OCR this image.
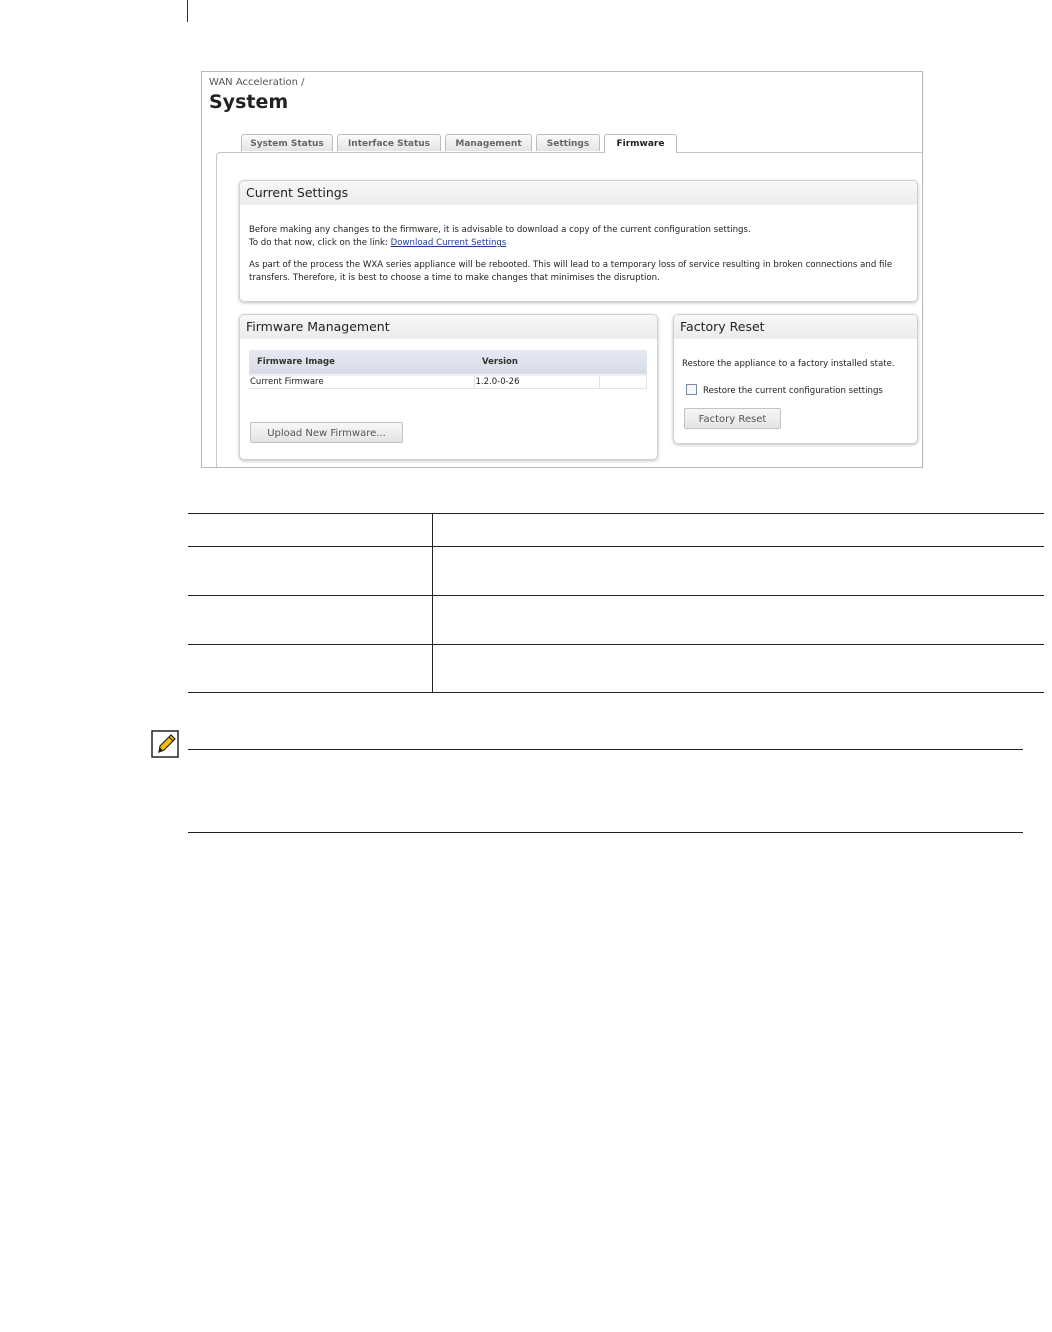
WAN Acceleration /
System
System Status	Interface Status	Management	Settings	Firmware
Current Settings
Before making any changes to the firmware, it is advisable to download a copy of the current configuration settings.
To do that now, click on the link: Download Current Settings
As part of the process the WXA series appliance will be rebooted. This will lead to a temporary loss of service resulting in broken connections and file
transfers. Therefore, it is best to choose a time to make changes that minimises the disruption.
Firmware Management
Firmware Image	Version	
Current Firmware	1.2.0-0-26	
Upload New Firmware...
Factory Reset
Restore the appliance to a factory installed state.
Restore the current configuration settings
Factory Reset
